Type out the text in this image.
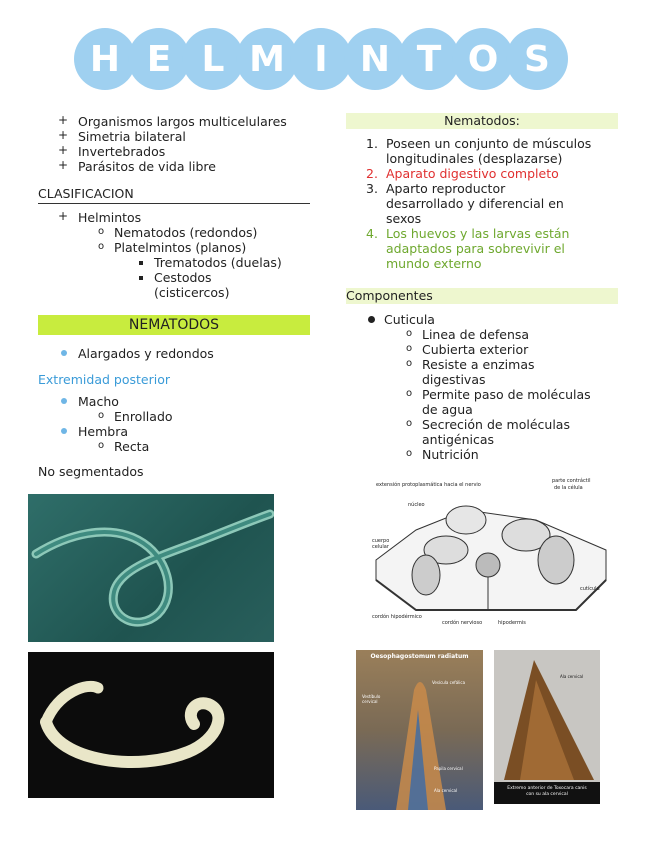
H E L M I N T O S
+ Organismos largos multicelulares
+ Simetria bilateral
+ Invertebrados
+ Parásitos de vida libre
CLASIFICACION
+ Helmintos
o Nematodos (redondos)
o Platelmintos (planos)
Trematodos (duelas)
Cestodos
(cisticercos)
NEMATODOS
Alargados y redondos
Extremidad posterior
Macho
o Enrollado
Hembra
o Recta
No segmentados
Nematodos:
1. Poseen un conjunto de músculos
longitudinales (desplazarse)
2. Aparato digestivo completo
3. Aparto reproductor
desarrollado y diferencial en
sexos
4. Los huevos y las larvas están
adaptados para sobrevivir el
mundo externo
Componentes
Cuticula
o Linea de defensa
o Cubierta exterior
o Resiste a enzimas
digestivas
o Permite paso de moléculas
de agua
o Secreción de moléculas
antigénicas
o Nutrición
extensión protoplasmática hacia el nervio
parte contráctil
de la célula
núcleo
cuerpo
celular
cutícula
cordón hipodérmico
cordón nervioso	hipodermis
Oesophagostomum radiatum
Vesícula cefálica
Vestíbulo cervical
Papila cervical
Ala cervical
Ala cervical
Extremo anterior de Toxocara canis
con su ala cervical
